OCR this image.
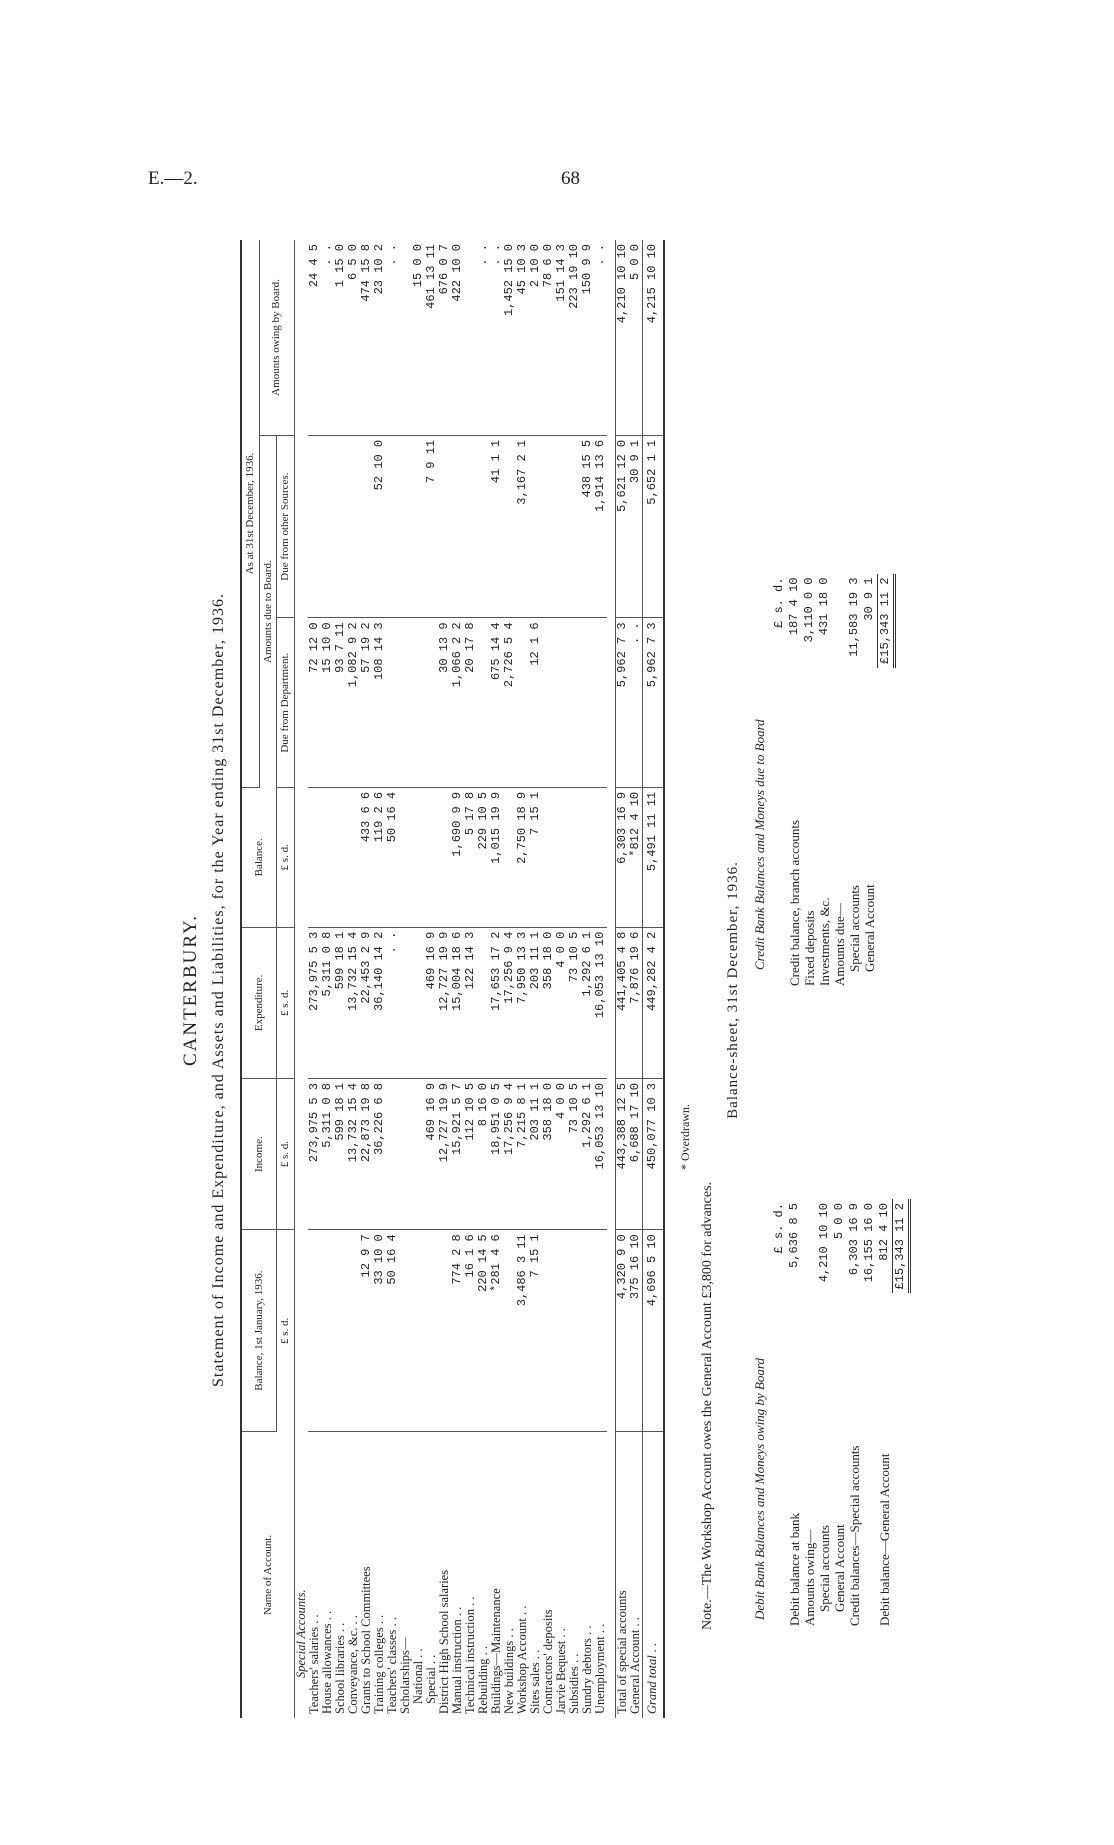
E.—2.	68
CANTERBURY. Statement of Income and Expenditure, and Assets and Liabilities, for the Year ending 31st December, 1936.
Name of Account.	Balance, 1st January, 1936.	Income.	Expenditure.	Balance.	As at 31st December, 1936.		
					Amounts due to Board.		Amounts owing by Board.
	£ s. d.	£ s. d.	£ s. d.	£ s. d.	Due from Department.	Due from other Sources.	
Special Accounts.							
Teachers' salaries . .		273,975 5 3	273,975 5 3		72 12 0		24 4 5
House allowances . .		5,311 0 8	5,311 0 8		15 10 0		. .
School libraries . .		599 18 1	599 18 1		93 7 11		1 15 0
Conveyance, &c. . .		13,732 15 4	13,732 15 4		1,082 9 2		6 5 0
Grants to School Committees	12 9 7	22,873 19 8	22,453 2 9	433 6 6	57 19 2		474 15 8
Training colleges . .	33 10 0	36,226 6 8	36,140 14 2	119 2 6	108 14 3	52 10 0	23 10 2
Teachers' classes . .	50 16 4		. .	50 16 4			. .
Scholarships—							
National . .							15 0 0
Special . .		469 16 9	469 16 9			7 9 11	461 13 11
District High School salaries		12,727 19 9	12,727 19 9		30 13 9		676 0 7
Manual instruction . .	774 2 8	15,921 5 7	15,004 18 6	1,690 9 9	1,066 2 2		422 10 0
Technical instruction . .	16 1 6	112 10 5	122 14 3	5 17 8	20 17 8		
Rebuilding . .	220 14 5	8 16 0		229 10 5			. .
Buildings—Maintenance	*281 4 6	18,951 0 5	17,653 17 2	1,015 19 9	675 14 4	41 1 1	. .
New buildings . .		17,256 9 4	17,256 9 4		2,726 5 4		1,452 15 0
Workshop Account . .	3,486 3 11	7,215 8 1	7,950 13 3	2,750 18 9		3,167 2 1	45 10 3
Sites sales . .	7 15 1	203 11 1	203 11 1	7 15 1	12 1 6		2 10 0
Contractors' deposits		358 18 0	358 18 0				78 6 0
Jarvie Bequest . .		4 0 0	4 0 0				151 14 3
Subsidies . .		73 10 5	73 10 5				223 19 10
Sundry debtors . .		1,292 6 1	1,292 6 1			438 15 5	150 9 9
Unemployment . .		16,053 13 10	16,053 13 10			1,914 13 6	. .

Total of special accounts	4,320 9 0	443,388 12 5	441,405 4 8	6,303 16 9	5,962 7 3	5,621 12 0	4,210 10 10
General Account . .	375 16 10	6,688 17 10	7,876 19 6	*812 4 10	. .	30 9 1	5 0 0
Grand total . .	4,696 5 10	450,077 10 3	449,282 4 2	5,491 11 11	5,962 7 3	5,652 1 1	4,215 10 10
* Overdrawn.
Note.—The Workshop Account owes the General Account £3,800 for advances.
Balance-sheet, 31st December, 1936.
Debit Bank Balances and Moneys owing by Board
Credit Bank Balances and Moneys due to Board
		£ s. d.
Debit balance at bank		5,636 8 5
Amounts owing—		
Special accounts		4,210 10 10
General Account		5 0 0
Credit balances—Special accounts		6,303 16 9
		16,155 16 0
Debit balance—General Account		812 4 10
		£15,343 11 2
		£ s. d.
Credit balance, branch accounts		187 4 10
Fixed deposits		3,110 0 0
Investments, &c.		431 18 0
Amounts due—		
Special accounts		11,583 19 3
General Account		30 9 1
		£15,343 11 2
